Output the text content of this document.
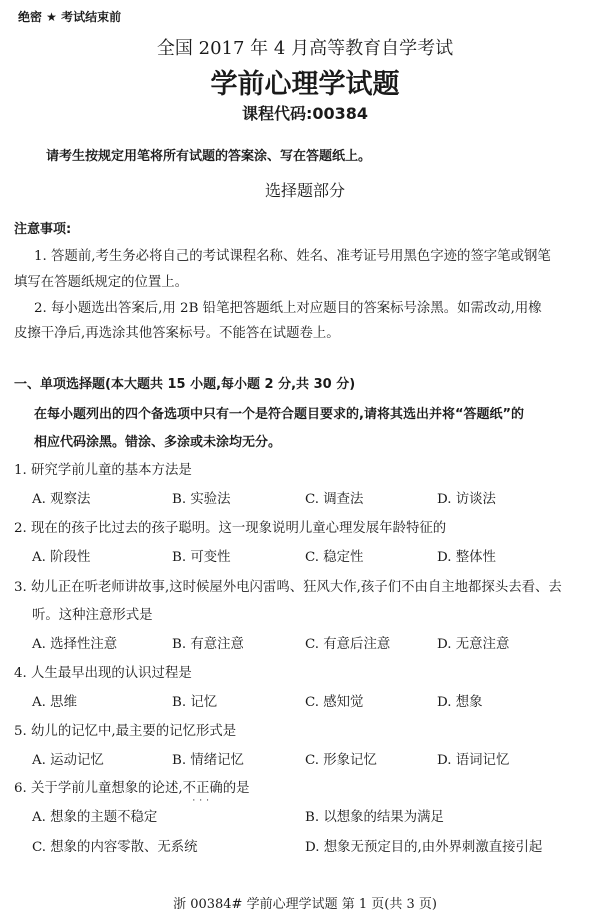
绝密 ★ 考试结束前
全国 2017 年 4 月高等教育自学考试
学前心理学试题
课程代码:00384
请考生按规定用笔将所有试题的答案涂、写在答题纸上。
选择题部分
注意事项:
1. 答题前,考生务必将自己的考试课程名称、姓名、准考证号用黑色字迹的签字笔或钢笔
填写在答题纸规定的位置上。
2. 每小题选出答案后,用 2B 铅笔把答题纸上对应题目的答案标号涂黑。如需改动,用橡
皮擦干净后,再选涂其他答案标号。不能答在试题卷上。
一、单项选择题(本大题共 15 小题,每小题 2 分,共 30 分)
在每小题列出的四个备选项中只有一个是符合题目要求的,请将其选出并将“答题纸”的
相应代码涂黑。错涂、多涂或未涂均无分。
1. 研究学前儿童的基本方法是
A. 观察法	B. 实验法	C. 调查法	D. 访谈法
2. 现在的孩子比过去的孩子聪明。这一现象说明儿童心理发展年龄特征的
A. 阶段性	B. 可变性	C. 稳定性	D. 整体性
3. 幼儿正在听老师讲故事,这时候屋外电闪雷鸣、狂风大作,孩子们不由自主地都探头去看、去
听。这种注意形式是
A. 选择性注意	B. 有意注意	C. 有意后注意	D. 无意注意
4. 人生最早出现的认识过程是
A. 思维	B. 记忆	C. 感知觉	D. 想象
5. 幼儿的记忆中,最主要的记忆形式是
A. 运动记忆	B. 情绪记忆	C. 形象记忆	D. 语词记忆
6. 关于学前儿童想象的论述,不正确
···
的是
A. 想象的主题不稳定	B. 以想象的结果为满足
C. 想象的内容零散、无系统	D. 想象无预定目的,由外界刺激直接引起
浙 00384# 学前心理学试题 第 1 页(共 3 页)
